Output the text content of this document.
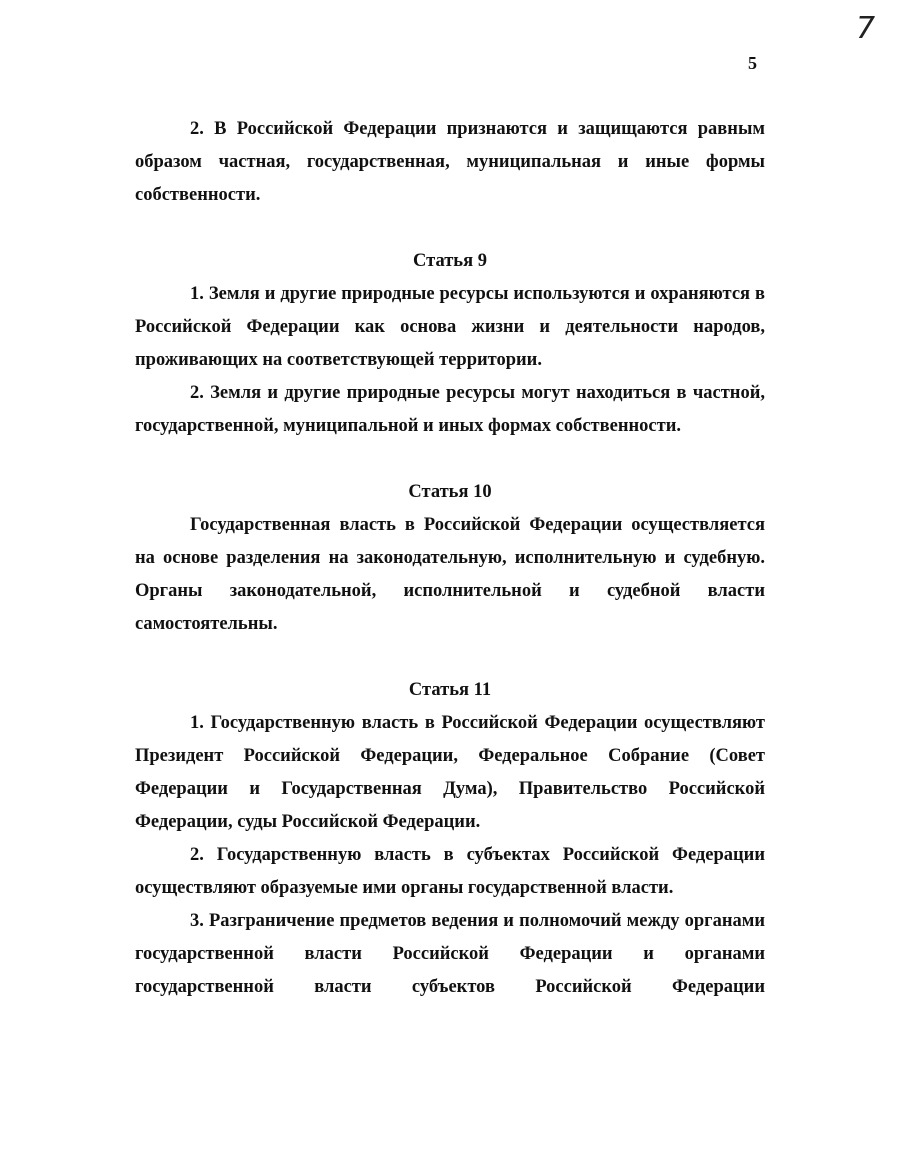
7
5

2. В Российской Федерации признаются и защищаются равным образом частная, государственная, муниципальная и иные формы собственности.

Статья 9

1. Земля и другие природные ресурсы используются и охраняются в Российской Федерации как основа жизни и деятельности народов, проживающих на соответствующей территории.

2. Земля и другие природные ресурсы могут находиться в частной, государственной, муниципальной и иных формах собственности.

Статья 10

Государственная власть в Российской Федерации осуществляется на основе разделения на законодательную, исполнительную и судебную. Органы законодательной, исполнительной и судебной власти самостоятельны.

Статья 11

1. Государственную власть в Российской Федерации осуществляют Президент Российской Федерации, Федеральное Собрание (Совет Федерации и Государственная Дума), Правительство Российской Федерации, суды Российской Федерации.

2. Государственную власть в субъектах Российской Федерации осуществляют образуемые ими органы государственной власти.

3. Разграничение предметов ведения и полномочий между органами государственной власти Российской Федерации и органами государственной власти субъектов Российской Федерации
